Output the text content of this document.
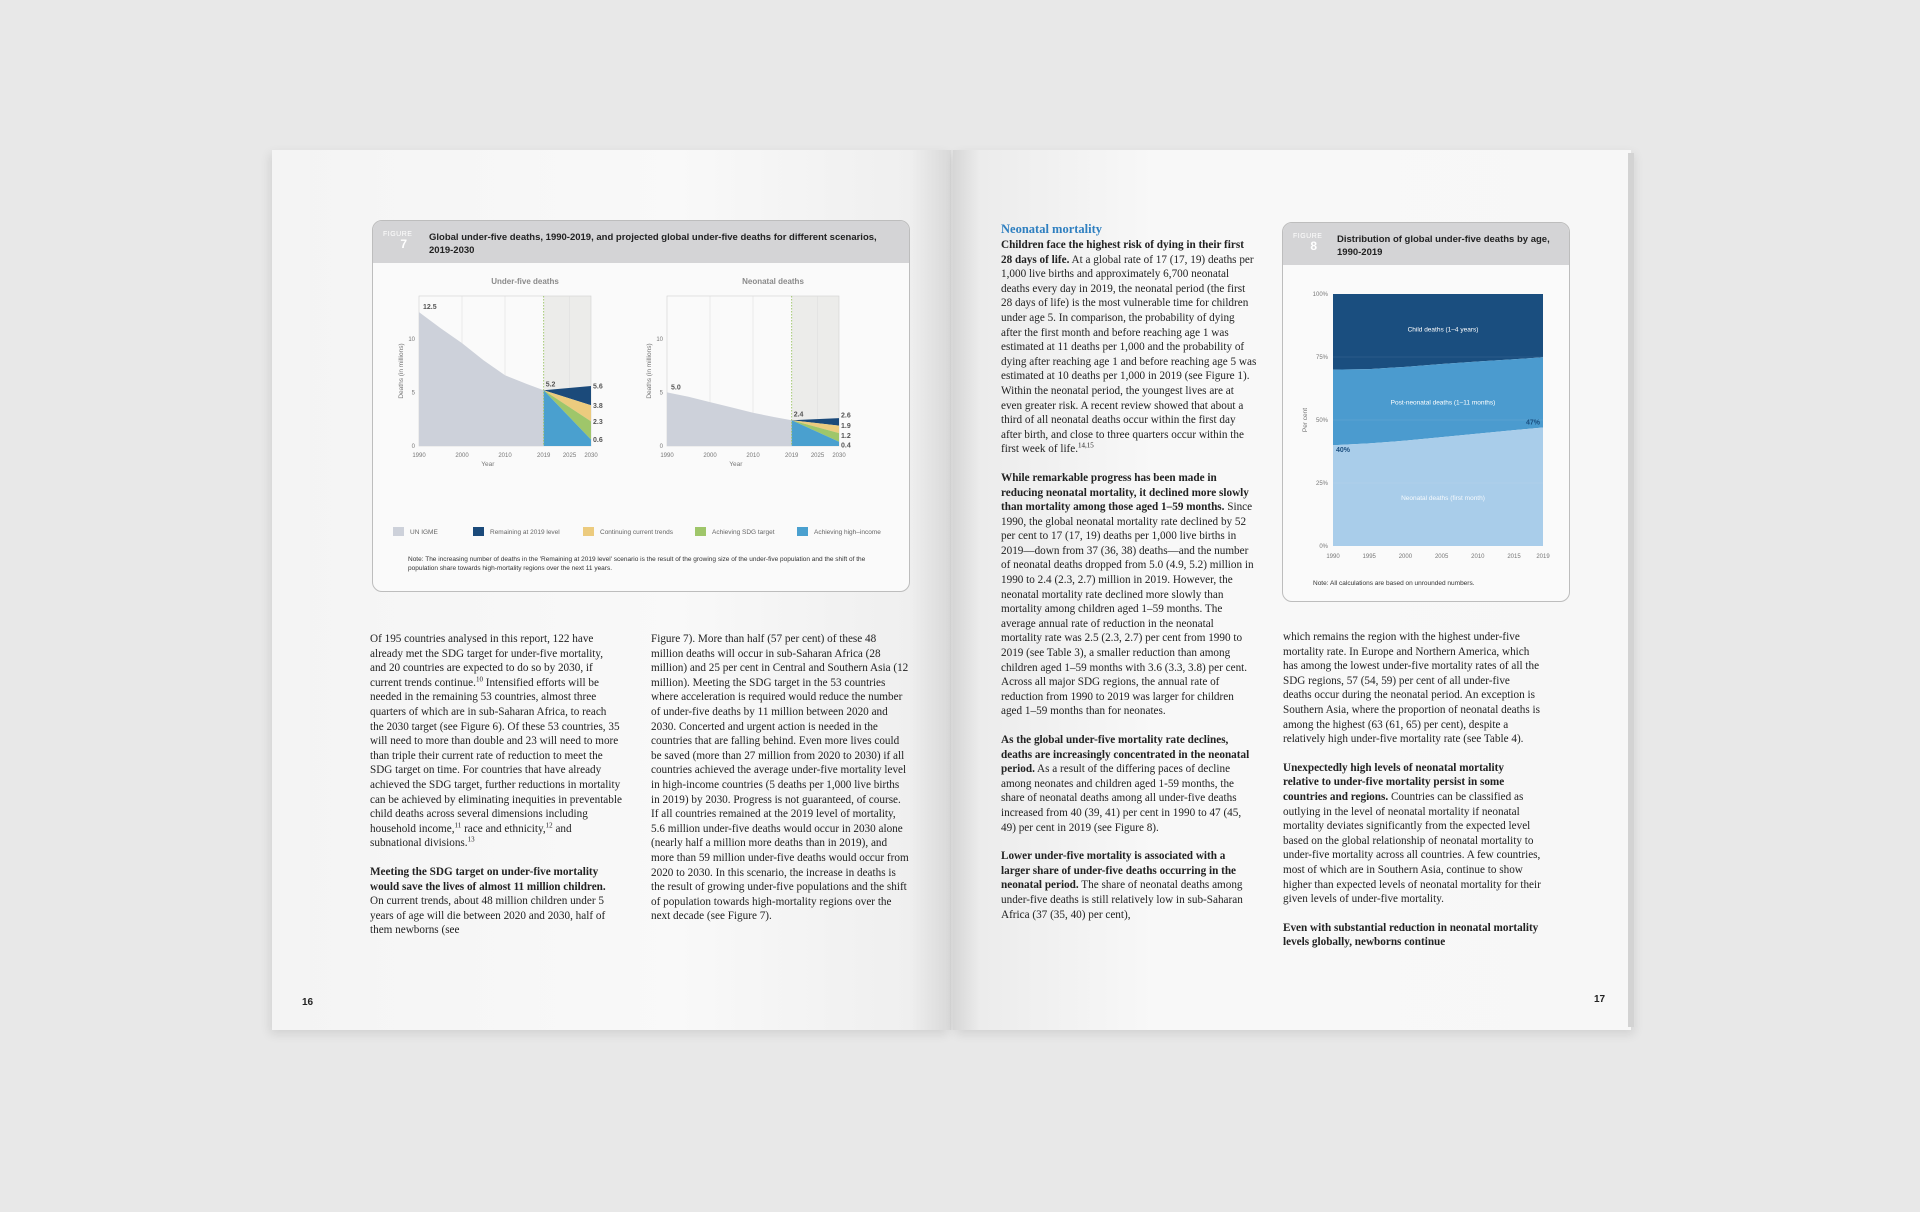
FIGURE
7 Global under-five deaths, 1990-2019, and projected global under-five deaths for different scenarios, 2019-2030
Under-five deaths	Neonatal deaths
0
5
10
12.5
5.2	5.6
3.8
2.3
0.6
1990	2000	2010	2019 2025 2030
Year
Deaths (in millions)
0
5
10
5.0
2.4	2.6
1.9
1.2
0.4
1990	2000	2010	2019 2025 2030
Year
Deaths (in millions)
UN IGME	Remaining at 2019 level	Continuing current trends	Achieving SDG target	Achieving high–income
Note: The increasing number of deaths in the 'Remaining at 2019 level' scenario is the result of the growing size of the under-five population and the shift of the population share towards high-mortality regions over the next 11 years.
FIGURE
8 Distribution of global under-five deaths by age, 1990-2019
0%
25%
50%
75%
100%
Per cent
1990	1995	2000	2005	2010	2015	2019
Child deaths (1–4 years)
Post-neonatal deaths (1–11 months)
Neonatal deaths (first month)
40%
47%
Note: All calculations are based on unrounded numbers.

Of 195 countries analysed in this report, 122 have already met the SDG target for under-five mortality, and 20 countries are expected to do so by 2030, if current trends continue.$^{10}$ Intensified efforts will be needed in the remaining 53 countries, almost three quarters of which are in sub-Saharan Africa, to reach the 2030 target (see Figure 6). Of these 53 countries, 35 will need to more than double and 23 will need to more than triple their current rate of reduction to meet the SDG target on time. For countries that have already achieved the SDG target, further reductions in mortality can be achieved by eliminating inequities in preventable child deaths across several dimensions including household income,$^{11}$ race and ethnicity,$^{12}$ and subnational divisions.$^{13}$

Meeting the SDG target on under-five mortality would save the lives of almost 11 million children. On current trends, about 48 million children under 5 years of age will die between 2020 and 2030, half of them newborns (see

Figure 7). More than half (57 per cent) of these 48 million deaths will occur in sub-Saharan Africa (28 million) and 25 per cent in Central and Southern Asia (12 million). Meeting the SDG target in the 53 countries where acceleration is required would reduce the number of under-five deaths by 11 million between 2020 and 2030. Concerted and urgent action is needed in the countries that are falling behind. Even more lives could be saved (more than 27 million from 2020 to 2030) if all countries achieved the average under-five mortality level in high-income countries (5 deaths per 1,000 live births in 2019) by 2030. Progress is not guaranteed, of course. If all countries remained at the 2019 level of mortality, 5.6 million under-five deaths would occur in 2030 alone (nearly half a million more deaths than in 2019), and more than 59 million under-five deaths would occur from 2020 to 2030. In this scenario, the increase in deaths is the result of growing under-five populations and the shift of population towards high-mortality regions over the next decade (see Figure 7).

16
Neonatal mortality

Children face the highest risk of dying in their first 28 days of life. At a global rate of 17 (17, 19) deaths per 1,000 live births and approximately 6,700 neonatal deaths every day in 2019, the neonatal period (the first 28 days of life) is the most vulnerable time for children under age 5. In comparison, the probability of dying after the first month and before reaching age 1 was estimated at 11 deaths per 1,000 and the probability of dying after reaching age 1 and before reaching age 5 was estimated at 10 deaths per 1,000 in 2019 (see Figure 1). Within the neonatal period, the youngest lives are at even greater risk. A recent review showed that about a third of all neonatal deaths occur within the first day after birth, and close to three quarters occur within the first week of life.$^{14,15}$

While remarkable progress has been made in reducing neonatal mortality, it declined more slowly than mortality among those aged 1–59 months. Since 1990, the global neonatal mortality rate declined by 52 per cent to 17 (17, 19) deaths per 1,000 live births in 2019—down from 37 (36, 38) deaths—and the number of neonatal deaths dropped from 5.0 (4.9, 5.2) million in 1990 to 2.4 (2.3, 2.7) million in 2019. However, the neonatal mortality rate declined more slowly than mortality among children aged 1–59 months. The average annual rate of reduction in the neonatal mortality rate was 2.5 (2.3, 2.7) per cent from 1990 to 2019 (see Table 3), a smaller reduction than among children aged 1–59 months with 3.6 (3.3, 3.8) per cent. Across all major SDG regions, the annual rate of reduction from 1990 to 2019 was larger for children aged 1–59 months than for neonates.

As the global under-five mortality rate declines, deaths are increasingly concentrated in the neonatal period. As a result of the differing paces of decline among neonates and children aged 1-59 months, the share of neonatal deaths among all under-five deaths increased from 40 (39, 41) per cent in 1990 to 47 (45, 49) per cent in 2019 (see Figure 8).

Lower under-five mortality is associated with a larger share of under-five deaths occurring in the neonatal period. The share of neonatal deaths among under-five deaths is still relatively low in sub-Saharan Africa (37 (35, 40) per cent),

which remains the region with the highest under-five mortality rate. In Europe and Northern America, which has among the lowest under-five mortality rates of all the SDG regions, 57 (54, 59) per cent of all under-five deaths occur during the neonatal period. An exception is Southern Asia, where the proportion of neonatal deaths is among the highest (63 (61, 65) per cent), despite a relatively high under-five mortality rate (see Table 4).

Unexpectedly high levels of neonatal mortality relative to under-five mortality persist in some countries and regions. Countries can be classified as outlying in the level of neonatal mortality if neonatal mortality deviates significantly from the expected level based on the global relationship of neonatal mortality to under-five mortality across all countries. A few countries, most of which are in Southern Asia, continue to show higher than expected levels of neonatal mortality for their given levels of under-five mortality.

Even with substantial reduction in neonatal mortality levels globally, newborns continue

17
